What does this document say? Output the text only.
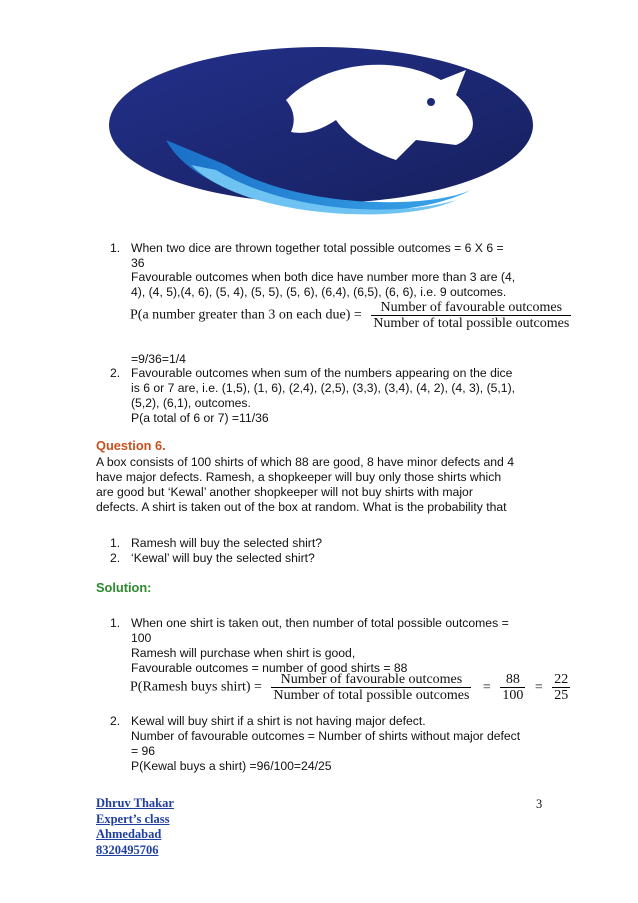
1. When two dice are thrown together total possible outcomes = 6 X 6 =
36
Favourable outcomes when both dice have number more than 3 are (4,
4), (4, 5),(4, 6), (5, 4), (5, 5), (5, 6), (6,4), (6,5), (6, 6), i.e. 9 outcomes.
P(a number greater than 3 on each $due) = \frac{\text{Number of favourable outcomes}}{\text{Number of total possible outcomes}}$
=9/36=1/4
2. Favourable outcomes when sum of the numbers appearing on the dice
is 6 or 7 are, i.e. (1,5), (1, 6), (2,4), (2,5), (3,3), (3,4), (4, 2), (4, 3), (5,1),
(5,2), (6,1), outcomes.
P(a total of 6 or 7) =11/36
Question 6.
A box consists of 100 shirts of which 88 are good, 8 have minor defects and 4
have major defects. Ramesh, a shopkeeper will buy only those shirts which
are good but ‘Kewal’ another shopkeeper will not buy shirts with major
defects. A shirt is taken out of the box at random. What is the probability that
1. Ramesh will buy the selected shirt?
2. ‘Kewal’ will buy the selected shirt?
Solution:
1. When one shirt is taken out, then number of total possible outcomes =
100
Ramesh will purchase when shirt is good,
Favourable outcomes = number of good shirts = 88
P(Ramesh buys shirt) = $\frac{\text{Number of favourable outcomes}}{\text{Number of total possible outcomes}} = \frac{88}{100} = \frac{22}{25}$
2. Kewal will buy shirt if a shirt is not having major defect.
Number of favourable outcomes = Number of shirts without major defect
= 96
P(Kewal buys a shirt) =96/100=24/25
Dhruv Thakar
Expert’s class
Ahmedabad
8320495706
3
